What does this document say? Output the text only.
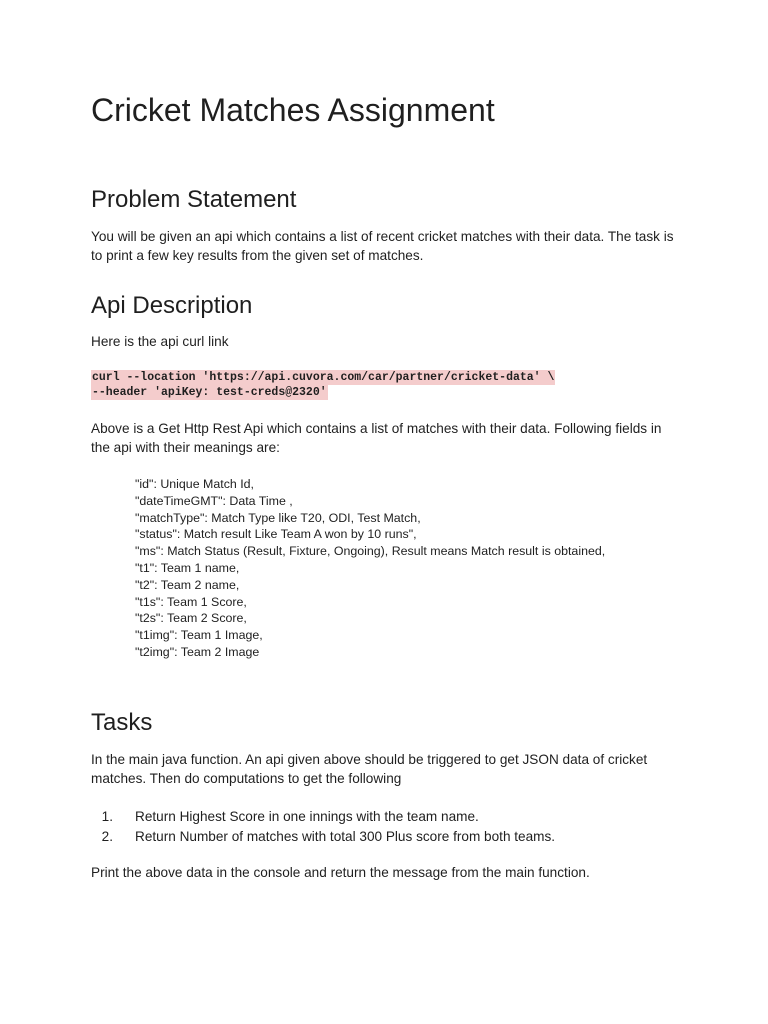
Cricket Matches Assignment
Problem Statement

You will be given an api which contains a list of recent cricket matches with their data. The task is to print a few key results from the given set of matches.

Api Description

Here is the api curl link

curl --location 'https://api.cuvora.com/car/partner/cricket-data' \
--header 'apiKey: test-creds@2320'

Above is a Get Http Rest Api which contains a list of matches with their data. Following fields in the api with their meanings are:

"id": Unique Match Id,
"dateTimeGMT": Data Time ,
"matchType": Match Type like T20, ODI, Test Match,
"status": Match result Like Team A won by 10 runs",
"ms": Match Status (Result, Fixture, Ongoing), Result means Match result is obtained,
"t1": Team 1 name,
"t2": Team 2 name,
"t1s": Team 1 Score,
"t2s": Team 2 Score,
"t1img": Team 1 Image,
"t2img": Team 2 Image
Tasks

In the main java function. An api given above should be triggered to get JSON data of cricket matches. Then do computations to get the following

1. Return Highest Score in one innings with the team name.
2. Return Number of matches with total 300 Plus score from both teams.

Print the above data in the console and return the message from the main function.
